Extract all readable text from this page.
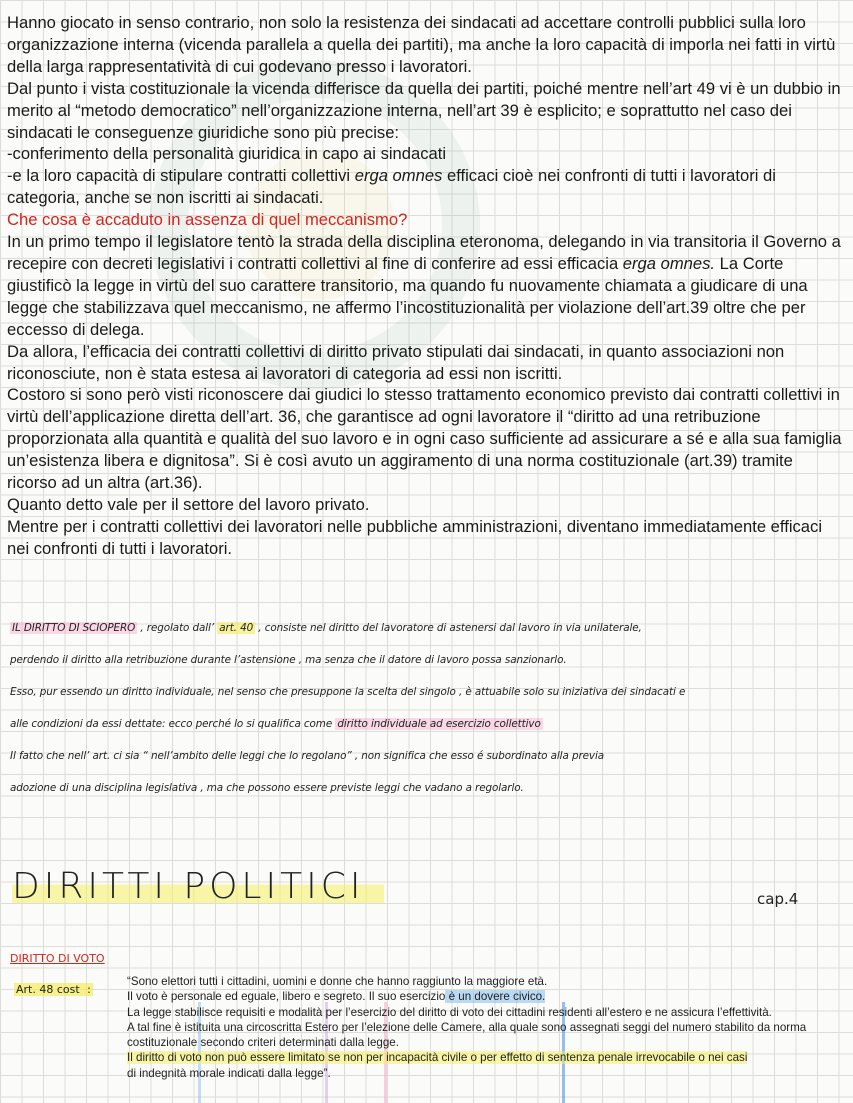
Hanno giocato in senso contrario, non solo la resistenza dei sindacati ad accettare controlli pubblici sulla loro organizzazione interna (vicenda parallela a quella dei partiti), ma anche la loro capacità di imporla nei fatti in virtù della larga rappresentatività di cui godevano presso i lavoratori.

Dal punto i vista costituzionale la vicenda differisce da quella dei partiti, poiché mentre nell’art 49 vi è un dubbio in merito al “metodo democratico” nell’organizzazione interna, nell’art 39 è esplicito; e soprattutto nel caso dei sindacati le conseguenze giuridiche sono più precise:

-conferimento della personalità giuridica in capo ai sindacati

-e la loro capacità di stipulare contratti collettivi erga omnes efficaci cioè nei confronti di tutti i lavoratori di categoria, anche se non iscritti ai sindacati.

Che cosa è accaduto in assenza di quel meccanismo?

In un primo tempo il legislatore tentò la strada della disciplina eteronoma, delegando in via transitoria il Governo a recepire con decreti legislativi i contratti collettivi al fine di conferire ad essi efficacia erga omnes. La Corte giustificò la legge in virtù del suo carattere transitorio, ma quando fu nuovamente chiamata a giudicare di una legge che stabilizzava quel meccanismo, ne affermo l’incostituzionalità per violazione dell’art.39 oltre che per eccesso di delega.

Da allora, l’efficacia dei contratti collettivi di diritto privato stipulati dai sindacati, in quanto associazioni non riconosciute, non è stata estesa ai lavoratori di categoria ad essi non iscritti.

Costoro si sono però visti riconoscere dai giudici lo stesso trattamento economico previsto dai contratti collettivi in virtù dell’applicazione diretta dell’art. 36, che garantisce ad ogni lavoratore il “diritto ad una retribuzione proporzionata alla quantità e qualità del suo lavoro e in ogni caso sufficiente ad assicurare a sé e alla sua famiglia un’esistenza libera e dignitosa”. Si è così avuto un aggiramento di una norma costituzionale (art.39) tramite ricorso ad un altra (art.36).

Quanto detto vale per il settore del lavoro privato.

Mentre per i contratti collettivi dei lavoratori nelle pubbliche amministrazioni, diventano immediatamente efficaci nei confronti di tutti i lavoratori.

IL DIRITTO DI SCIOPERO , regolato dall’ art. 40 , consiste nel diritto del lavoratore di astenersi dal lavoro in via unilaterale,

perdendo il diritto alla retribuzione durante l’astensione , ma senza che il datore di lavoro possa sanzionarlo.

Esso, pur essendo un diritto individuale, nel senso che presuppone la scelta del singolo , è attuabile solo su iniziativa dei sindacati e

alle condizioni da essi dettate: ecco perché lo si qualifica come diritto individuale ad esercizio collettivo

Il fatto che nell’ art. ci sia “ nell’ambito delle leggi che lo regolano” , non significa che esso é subordinato alla previa

adozione di una disciplina legislativa , ma che possono essere previste leggi che vadano a regolarlo.

DIRITTI POLITICI	cap.4
DIRITTO DI VOTO
Art. 48 cost :

“Sono elettori tutti i cittadini, uomini e donne che hanno raggiunto la maggiore età.

Il voto è personale ed eguale, libero e segreto. Il suo esercizio è un dovere civico.

La legge stabilisce requisiti e modalità per l’esercizio del diritto di voto dei cittadini residenti all’estero e ne assicura l’effettività.

A tal fine è istituita una circoscritta Estero per l’elezione delle Camere, alla quale sono assegnati seggi del numero stabilito da norma costituzionale secondo criteri determinati dalla legge.

Il diritto di voto non può essere limitato se non per incapacità civile o per effetto di sentenza penale irrevocabile o nei casi

di indegnità morale indicati dalla legge”.
